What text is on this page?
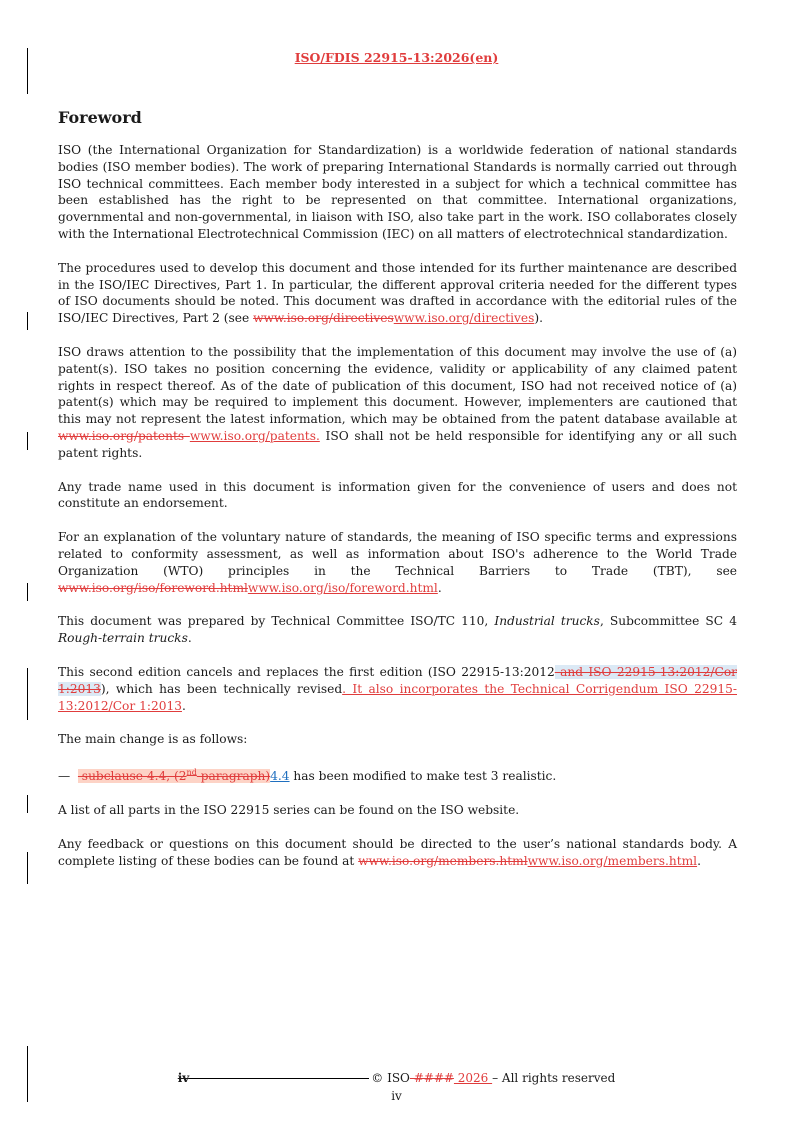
ISO/FDIS 22915-13:2026(en)
Foreword

ISO (the International Organization for Standardization) is a worldwide federation of national standards bodies (ISO member bodies). The work of preparing International Standards is normally carried out through ISO technical committees. Each member body interested in a subject for which a technical committee has been established has the right to be represented on that committee. International organizations, governmental and non-governmental, in liaison with ISO, also take part in the work. ISO collaborates closely with the International Electrotechnical Commission (IEC) on all matters of electrotechnical standardization.

The procedures used to develop this document and those intended for its further maintenance are described in the ISO/IEC Directives, Part 1. In particular, the different approval criteria needed for the different types of ISO documents should be noted. This document was drafted in accordance with the editorial rules of the ISO/IEC Directives, Part 2 (see www.iso.org/directiveswww.iso.org/directives).

ISO draws attention to the possibility that the implementation of this document may involve the use of (a) patent(s). ISO takes no position concerning the evidence, validity or applicability of any claimed patent rights in respect thereof. As of the date of publication of this document, ISO had not received notice of (a) patent(s) which may be required to implement this document. However, implementers are cautioned that this may not represent the latest information, which may be obtained from the patent database available at www.iso.org/patents www.iso.org/patents. ISO shall not be held responsible for identifying any or all such patent rights.

Any trade name used in this document is information given for the convenience of users and does not constitute an endorsement.

For an explanation of the voluntary nature of standards, the meaning of ISO specific terms and expressions related to conformity assessment, as well as information about ISO's adherence to the World Trade Organization (WTO) principles in the Technical Barriers to Trade (TBT), see www.iso.org/iso/foreword.htmlwww.iso.org/iso/foreword.html.

This document was prepared by Technical Committee ISO/TC 110, Industrial trucks, Subcommittee SC 4 Rough-terrain trucks.

This second edition cancels and replaces the first edition (ISO 22915-13:2012 and ISO 22915-13:2012/Cor 1:2013), which has been technically revised. It also incorporates the Technical Corrigendum ISO 22915-13:2012/Cor 1:2013.

The main change is as follows:

—   subclause 4.4, (2nd paragraph)4.4 has been modified to make test 3 realistic.

A list of all parts in the ISO 22915 series can be found on the ISO website.

Any feedback or questions on this document should be directed to the user’s national standards body. A complete listing of these bodies can be found at www.iso.org/members.htmlwww.iso.org/members.html.

iv	© ISO #### 2026 – All rights reserved
iv
